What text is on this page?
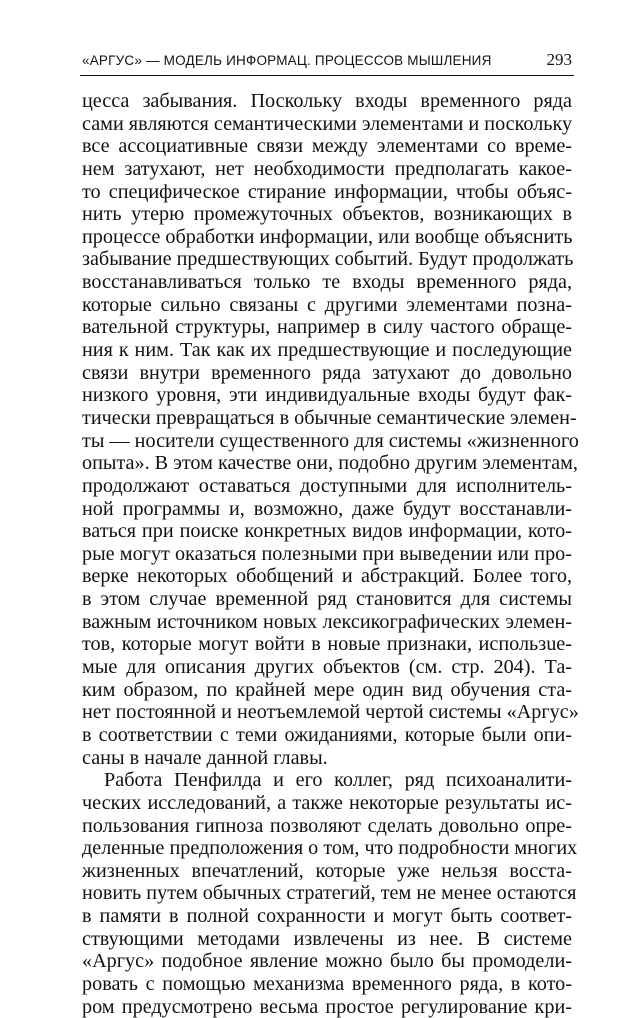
«АРГУС» — МОДЕЛЬ ИНФОРМАЦ. ПРОЦЕССОВ МЫШЛЕНИЯ	293
цесса забывания. Поскольку входы временного ряда
сами являются семантическими элементами и поскольку
все ассоциативные связи между элементами со време-
нем затухают, нет необходимости предполагать какое-
то специфическое стирание информации, чтобы объяс-
нить утерю промежуточных объектов, возникающих в
процессе обработки информации, или вообще объяснить
забывание предшествующих событий. Будут продолжать
восстанавливаться только те входы временного ряда,
которые сильно связаны с другими элементами позна-
вательной структуры, например в силу частого обраще-
ния к ним. Так как их предшествующие и последующие
связи внутри временного ряда затухают до довольно
низкого уровня, эти индивидуальные входы будут фак-
тически превращаться в обычные семантические элемен-
ты — носители существенного для системы «жизненного
опыта». В этом качестве они, подобно другим элементам,
продолжают оставаться доступными для исполнитель-
ной программы и, возможно, даже будут восстанавли-
ваться при поиске конкретных видов информации, кото-
рые могут оказаться полезными при выведении или про-
верке некоторых обобщений и абстракций. Более того,
в этом случае временной ряд становится для системы
важным источником новых лексикографических элемен-
тов, которые могут войти в новые признаки, использue-
мые для описания других объектов (см. стр. 204). Та-
ким образом, по крайней мере один вид обучения ста-
нет постоянной и неотъемлемой чертой системы «Аргус»
в соответствии с теми ожиданиями, которые были опи-
саны в начале данной главы.
Работа Пенфилда и его коллег, ряд психоаналити-
ческих исследований, а также некоторые результаты ис-
пользования гипноза позволяют сделать довольно опре-
деленные предположения о том, что подробности многих
жизненных впечатлений, которые уже нельзя восста-
новить путем обычных стратегий, тем не менее остаются
в памяти в полной сохранности и могут быть соответ-
ствующими методами извлечены из нее. В системе
«Аргус» подобное явление можно было бы промодели-
ровать с помощью механизма временного ряда, в кото-
ром предусмотрено весьма простое регулирование кри-
